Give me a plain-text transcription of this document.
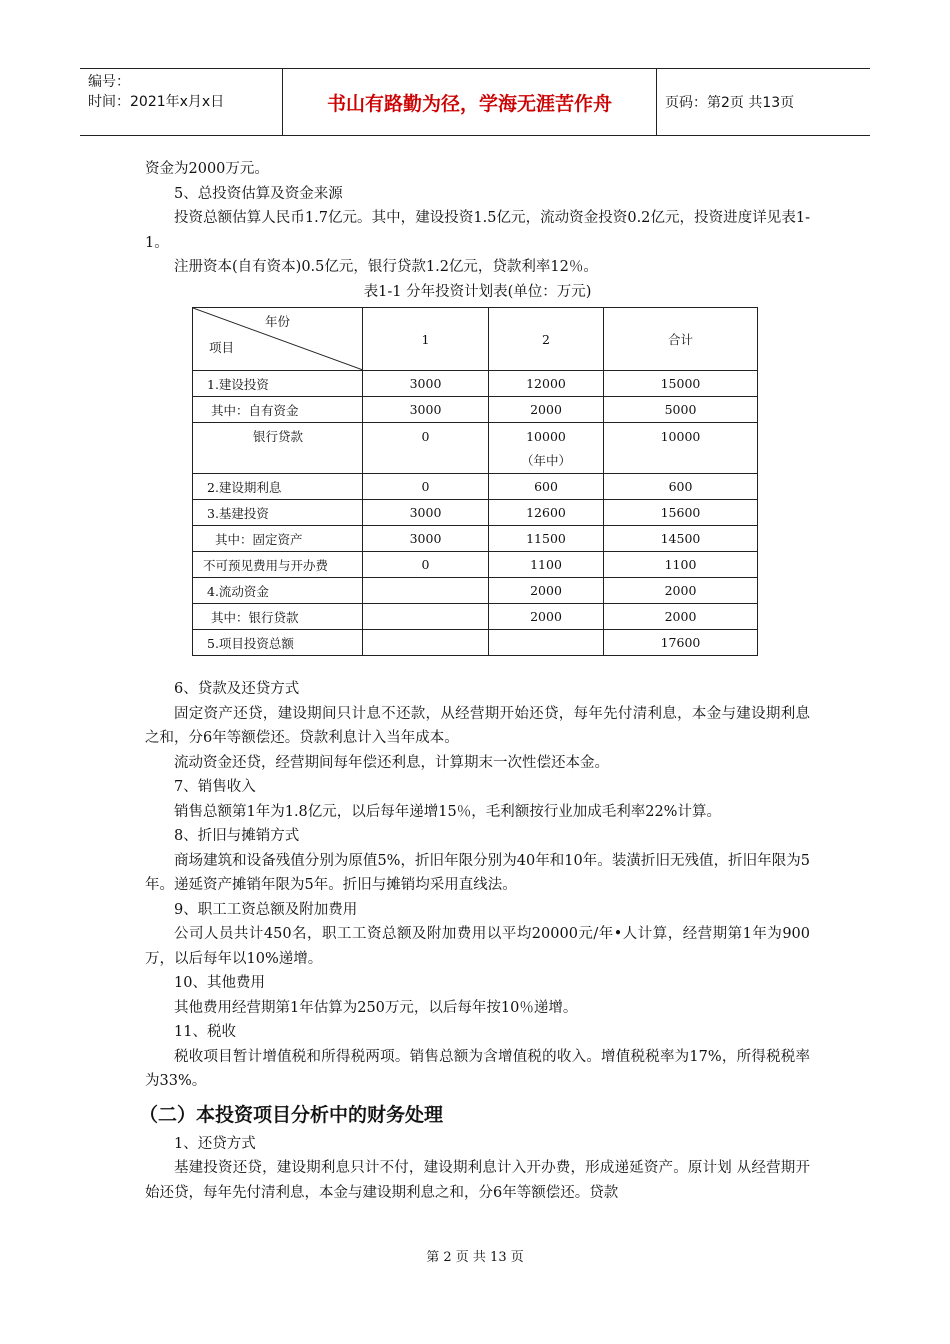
编号：
时间：2021年x月x日	书山有路勤为径，学海无涯苦作舟	页码：第2页 共13页

资金为2000万元。

5、总投资估算及资金来源

投资总额估算人民币1.7亿元。其中，建设投资1.5亿元，流动资金投资0.2亿元，投资进度详见表1-1。

注册资本(自有资本)0.5亿元，银行贷款1.2亿元，贷款利率12％。

表1-1 分年投资计划表(单位：万元)

年份
项目	1	2	合计
1.建设投资	3000	12000	15000
其中：自有资金	3000	2000	5000
银行贷款	0	10000（年中）	10000
2.建设期利息	0	600	600
3.基建投资	3000	12600	15600
其中：固定资产	3000	11500	14500
不可预见费用与开办费	0	1100	1100
4.流动资金		2000	2000
其中：银行贷款		2000	2000
5.项目投资总额			17600

6、贷款及还贷方式

固定资产还贷，建设期间只计息不还款，从经营期开始还贷，每年先付清利息，本金与建设期利息之和，分6年等额偿还。贷款利息计入当年成本。

流动资金还贷，经营期间每年偿还利息，计算期末一次性偿还本金。

7、销售收入

销售总额第1年为1.8亿元，以后每年递增15％，毛利额按行业加成毛利率22%计算。

8、折旧与摊销方式

商场建筑和设备残值分别为原值5%，折旧年限分别为40年和10年。装潢折旧无残值，折旧年限为5年。递延资产摊销年限为5年。折旧与摊销均采用直线法。

9、职工工资总额及附加费用

公司人员共计450名，职工工资总额及附加费用以平均20000元/年•人计算，经营期第1年为900万，以后每年以10%递增。

10、其他费用

其他费用经营期第1年估算为250万元，以后每年按10％递增。

11、税收

税收项目暂计增值税和所得税两项。销售总额为含增值税的收入。增值税税率为17%，所得税税率为33%。

（二）本投资项目分析中的财务处理

1、还贷方式

基建投资还贷，建设期利息只计不付，建设期利息计入开办费，形成递延资产。原计划 从经营期开始还贷，每年先付清利息，本金与建设期利息之和，分6年等额偿还。贷款

第 2 页 共 13 页
